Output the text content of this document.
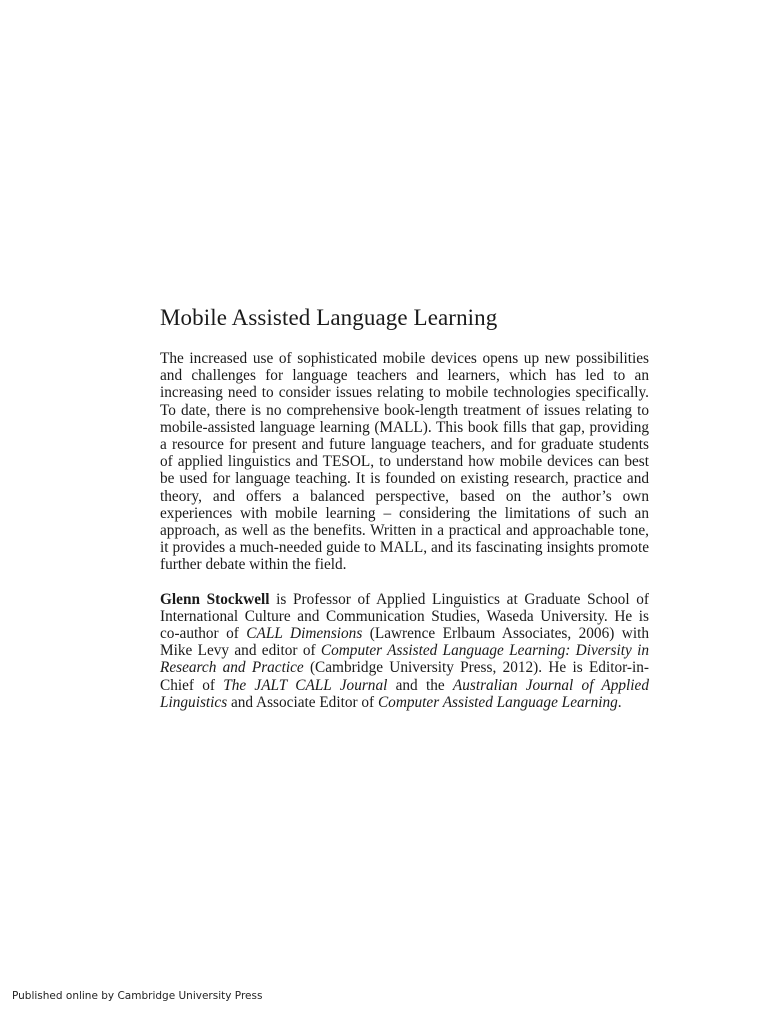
Mobile Assisted Language Learning

The increased use of sophisticated mobile devices opens up new possibilities and challenges for language teachers and learners, which has led to an increasing need to consider issues relating to mobile technologies specifically. To date, there is no comprehensive book-length treatment of issues relating to mobile-assisted language learning (MALL). This book fills that gap, providing a resource for present and future language teachers, and for graduate students of applied linguistics and TESOL, to understand how mobile devices can best be used for language teaching. It is founded on existing research, practice and theory, and offers a balanced perspective, based on the author’s own experiences with mobile learning – considering the limitations of such an approach, as well as the benefits. Written in a practical and approachable tone, it provides a much-needed guide to MALL, and its fascinating insights promote further debate within the field.

Glenn Stockwell is Professor of Applied Linguistics at Graduate School of International Culture and Communication Studies, Waseda University. He is co-author of CALL Dimensions (Lawrence Erlbaum Associates, 2006) with Mike Levy and editor of Computer Assisted Language Learning: Diversity in Research and Practice (Cambridge University Press, 2012). He is Editor-in-Chief of The JALT CALL Journal and the Australian Journal of Applied Linguistics and Associate Editor of Computer Assisted Language Learning.

Published online by Cambridge University Press
